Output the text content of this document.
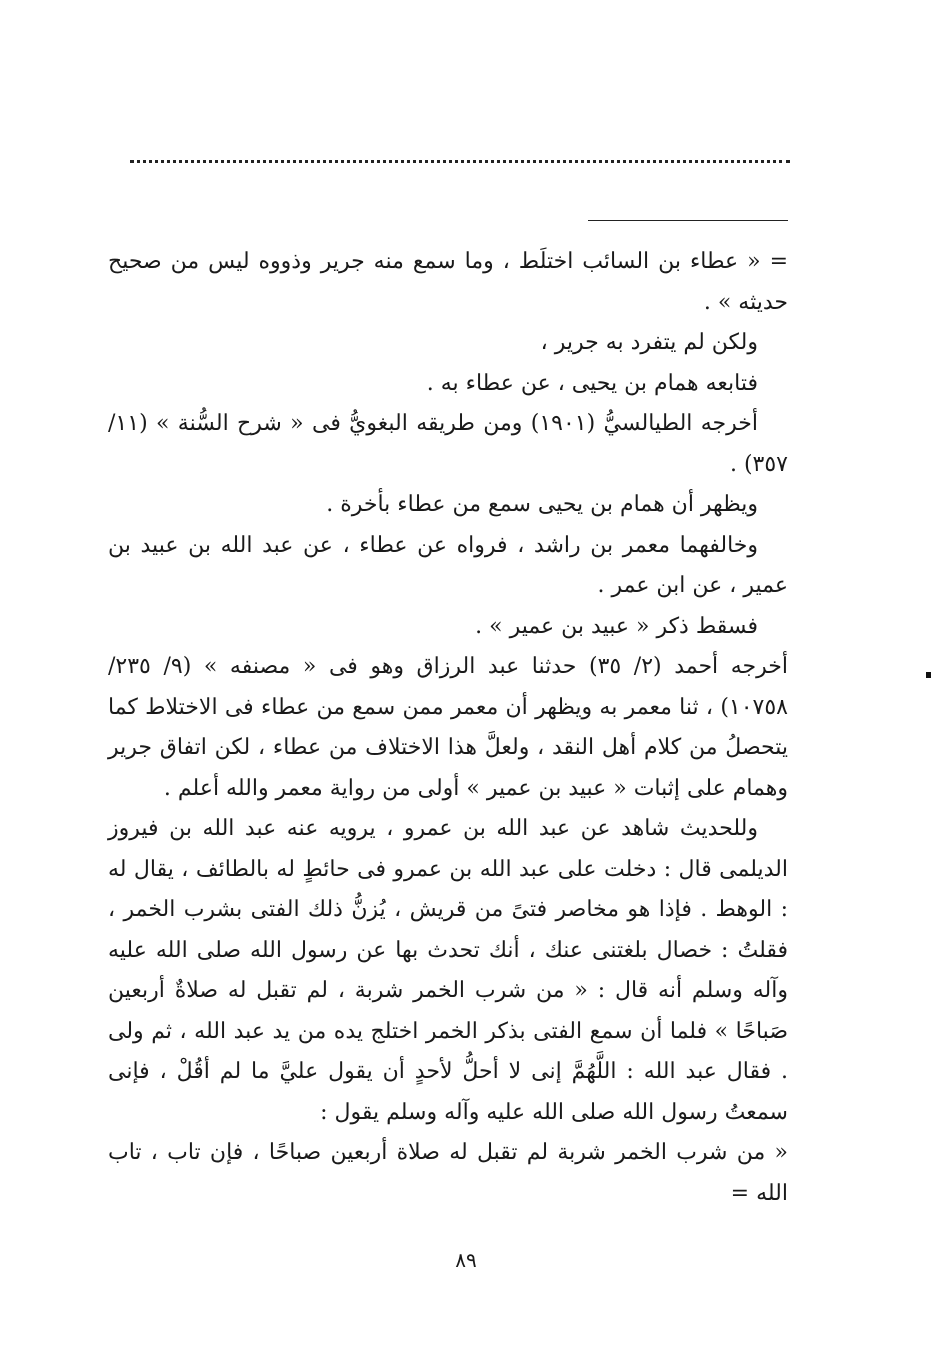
= « عطاء بن السائب اختلَط ، وما سمع منه جرير وذووه ليس من صحيح حديثه » .

ولكن لم يتفرد به جرير ،

فتابعه همام بن يحيى ، عن عطاء به .

أخرجه الطيالسيُّ (١٩٠١) ومن طريقه البغويُّ فى « شرح السُّنة » (١١/ ٣٥٧) .

ويظهر أن همام بن يحيى سمع من عطاء بأخرة .

وخالفهما معمر بن راشد ، فرواه عن عطاء ، عن عبد الله بن عبيد بن عمير ، عن ابن عمر .

فسقط ذكر « عبيد بن عمير » .

أخرجه أحمد (٢/ ٣٥) حدثنا عبد الرزاق وهو فى « مصنفه » (٩/ ٢٣٥/ ١٠٧٥٨) ، ثنا معمر به ويظهر أن معمر ممن سمع من عطاء فى الاختلاط كما يتحصلُ من كلام أهل النقد ، ولعلَّ هذا الاختلاف من عطاء ، لكن اتفاق جرير وهمام على إثبات « عبيد بن عمير » أولى من رواية معمر والله أعلم .

وللحديث شاهد عن عبد الله بن عمرو ، يرويه عنه عبد الله بن فيروز الديلمى قال : دخلت على عبد الله بن عمرو فى حائطٍ له بالطائف ، يقال له : الوهط . فإذا هو مخاصر فتىً من قريش ، يُزنُّ ذلك الفتى بشرب الخمر ، فقلتُ : خصال بلغتنى عنك ، أنك تحدث بها عن رسول الله صلى الله عليه وآله وسلم أنه قال : « من شرب الخمر شربة ، لم تقبل له صلاةٌ أربعين صَباحًا » فلما أن سمع الفتى بذكر الخمر اختلج يده من يد عبد الله ، ثم ولى . فقال عبد الله : اللَّهُمَّ إنى لا أحلُّ لأحدٍ أن يقول عليَّ ما لم أقُلْ ، فإنى سمعتُ رسول الله صلى الله عليه وآله وسلم يقول :

« من شرب الخمر شربة لم تقبل له صلاة أربعين صباحًا ، فإن تاب ، تاب الله =

٨٩
